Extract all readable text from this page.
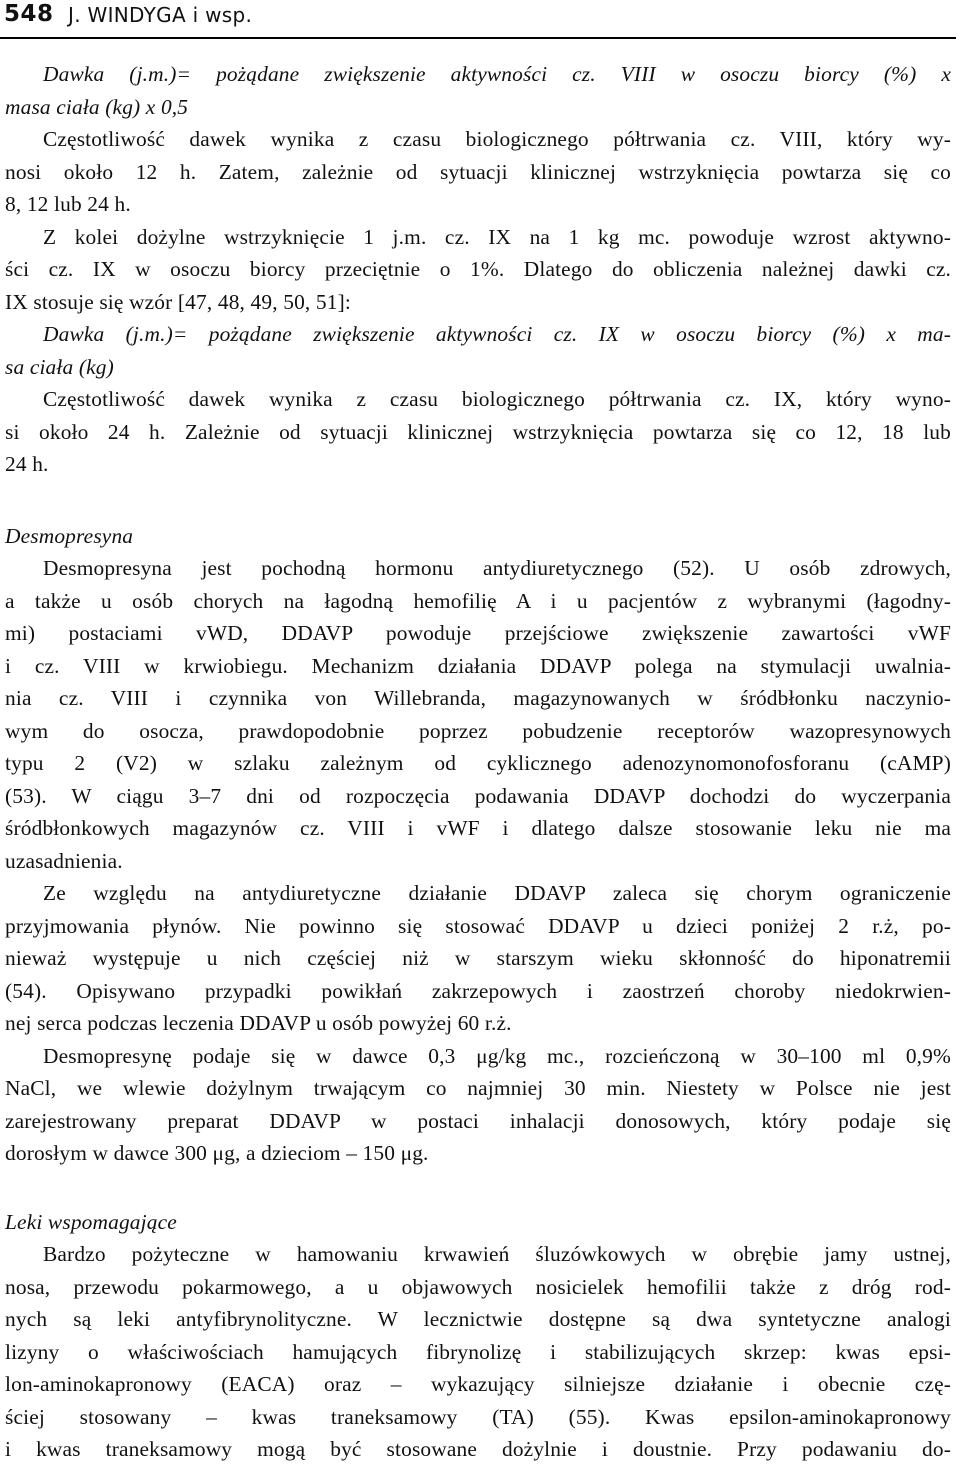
548 J. WINDYGA i wsp.
Dawka (j.m.)= pożądane zwiększenie aktywności cz. VIII w osoczu biorcy (%) x
masa ciała (kg) x 0,5
Częstotliwość dawek wynika z czasu biologicznego półtrwania cz. VIII, który wy-
nosi około 12 h. Zatem, zależnie od sytuacji klinicznej wstrzyknięcia powtarza się co
8, 12 lub 24 h.
Z kolei dożylne wstrzyknięcie 1 j.m. cz. IX na 1 kg mc. powoduje wzrost aktywno-
ści cz. IX w osoczu biorcy przeciętnie o 1%. Dlatego do obliczenia należnej dawki cz.
IX stosuje się wzór [47, 48, 49, 50, 51]:
Dawka (j.m.)= pożądane zwiększenie aktywności cz. IX w osoczu biorcy (%) x ma-
sa ciała (kg)
Częstotliwość dawek wynika z czasu biologicznego półtrwania cz. IX, który wyno-
si około 24 h. Zależnie od sytuacji klinicznej wstrzyknięcia powtarza się co 12, 18 lub
24 h.
Desmopresyna
Desmopresyna jest pochodną hormonu antydiuretycznego (52). U osób zdrowych,
a także u osób chorych na łagodną hemofilię A i u pacjentów z wybranymi (łagodny-
mi) postaciami vWD, DDAVP powoduje przejściowe zwiększenie zawartości vWF
i cz. VIII w krwiobiegu. Mechanizm działania DDAVP polega na stymulacji uwalnia-
nia cz. VIII i czynnika von Willebranda, magazynowanych w śródbłonku naczynio-
wym do osocza, prawdopodobnie poprzez pobudzenie receptorów wazopresynowych
typu 2 (V2) w szlaku zależnym od cyklicznego adenozynomonofosforanu (cAMP)
(53). W ciągu 3–7 dni od rozpoczęcia podawania DDAVP dochodzi do wyczerpania
śródbłonkowych magazynów cz. VIII i vWF i dlatego dalsze stosowanie leku nie ma
uzasadnienia.
Ze względu na antydiuretyczne działanie DDAVP zaleca się chorym ograniczenie
przyjmowania płynów. Nie powinno się stosować DDAVP u dzieci poniżej 2 r.ż, po-
nieważ występuje u nich częściej niż w starszym wieku skłonność do hiponatremii
(54). Opisywano przypadki powikłań zakrzepowych i zaostrzeń choroby niedokrwien-
nej serca podczas leczenia DDAVP u osób powyżej 60 r.ż.
Desmopresynę podaje się w dawce 0,3 μg/kg mc., rozcieńczoną w 30–100 ml 0,9%
NaCl, we wlewie dożylnym trwającym co najmniej 30 min. Niestety w Polsce nie jest
zarejestrowany preparat DDAVP w postaci inhalacji donosowych, który podaje się
dorosłym w dawce 300 μg, a dzieciom – 150 μg.
Leki wspomagające
Bardzo pożyteczne w hamowaniu krwawień śluzówkowych w obrębie jamy ustnej,
nosa, przewodu pokarmowego, a u objawowych nosicielek hemofilii także z dróg rod-
nych są leki antyfibrynolityczne. W lecznictwie dostępne są dwa syntetyczne analogi
lizyny o właściwościach hamujących fibrynolizę i stabilizujących skrzep: kwas epsi-
lon-aminokapronowy (EACA) oraz – wykazujący silniejsze działanie i obecnie czę-
ściej stosowany – kwas traneksamowy (TA) (55). Kwas epsilon-aminokapronowy
i kwas traneksamowy mogą być stosowane dożylnie i doustnie. Przy podawaniu do-
